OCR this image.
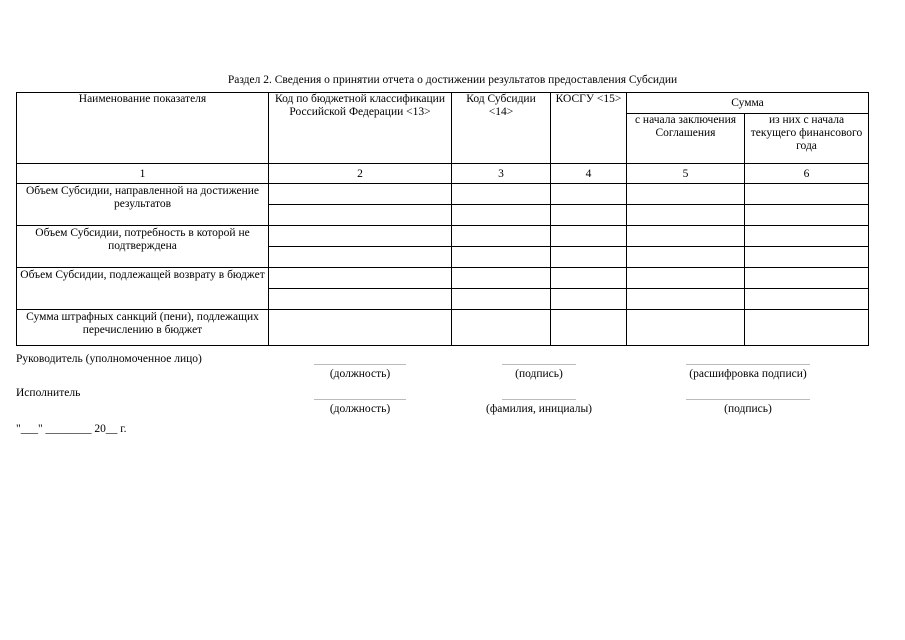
Раздел 2. Сведения о принятии отчета о достижении результатов предоставления Субсидии
Наименование показателя	Код по бюджетной классификации Российской Федерации <13>	Код Субсидии <14>	КОСГУ <15>	Сумма	
				с начала заключения Соглашения	из них с начала текущего финансового года
1	2	3	4	5	6
Объем Субсидии, направленной на достижение результатов					

Объем Субсидии, потребность в которой не подтверждена					

Объем Субсидии, подлежащей возврату в бюджет					

Сумма штрафных санкций (пени), подлежащих перечислению в бюджет					
Руководитель (уполномоченное лицо)
(должность)	(подпись)	(расшифровка подписи)
Исполнитель
(должность)	(фамилия, инициалы)	(подпись)
"___" ________ 20__ г.
